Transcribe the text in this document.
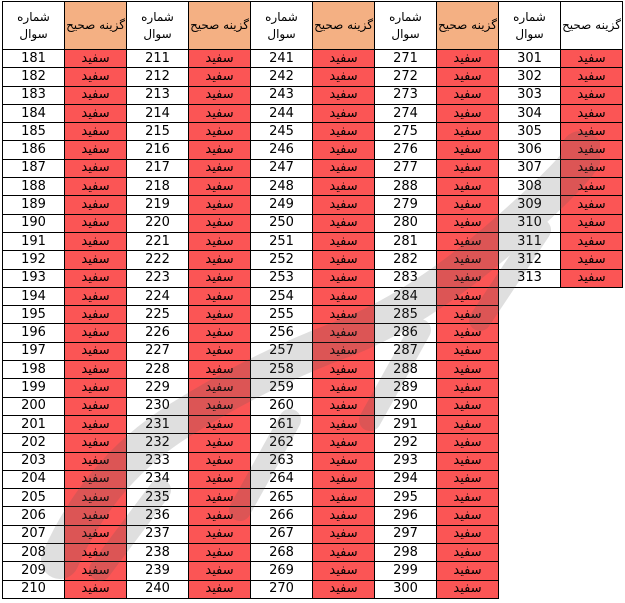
شماره سوال	گزینه صحیح	شماره سوال	گزینه صحیح	شماره سوال	گزینه صحیح	شماره سوال	گزینه صحیح	شماره سوال	گزینه صحیح
181	سفید	211	سفید	241	سفید	271	سفید	301	سفید
182	سفید	212	سفید	242	سفید	272	سفید	302	سفید
183	سفید	213	سفید	243	سفید	273	سفید	303	سفید
184	سفید	214	سفید	244	سفید	274	سفید	304	سفید
185	سفید	215	سفید	245	سفید	275	سفید	305	سفید
186	سفید	216	سفید	246	سفید	276	سفید	306	سفید
187	سفید	217	سفید	247	سفید	277	سفید	307	سفید
188	سفید	218	سفید	248	سفید	288	سفید	308	سفید
189	سفید	219	سفید	249	سفید	279	سفید	309	سفید
190	سفید	220	سفید	250	سفید	280	سفید	310	سفید
191	سفید	221	سفید	251	سفید	281	سفید	311	سفید
192	سفید	222	سفید	252	سفید	282	سفید	312	سفید
193	سفید	223	سفید	253	سفید	283	سفید	313	سفید
194	سفید	224	سفید	254	سفید	284	سفید		
195	سفید	225	سفید	255	سفید	285	سفید		
196	سفید	226	سفید	256	سفید	286	سفید		
197	سفید	227	سفید	257	سفید	287	سفید		
198	سفید	228	سفید	258	سفید	288	سفید		
199	سفید	229	سفید	259	سفید	289	سفید		
200	سفید	230	سفید	260	سفید	290	سفید		
201	سفید	231	سفید	261	سفید	291	سفید		
202	سفید	232	سفید	262	سفید	292	سفید		
203	سفید	233	سفید	263	سفید	293	سفید		
204	سفید	234	سفید	264	سفید	294	سفید		
205	سفید	235	سفید	265	سفید	295	سفید		
206	سفید	236	سفید	266	سفید	296	سفید		
207	سفید	237	سفید	267	سفید	297	سفید		
208	سفید	238	سفید	268	سفید	298	سفید		
209	سفید	239	سفید	269	سفید	299	سفید		
210	سفید	240	سفید	270	سفید	300	سفید		
